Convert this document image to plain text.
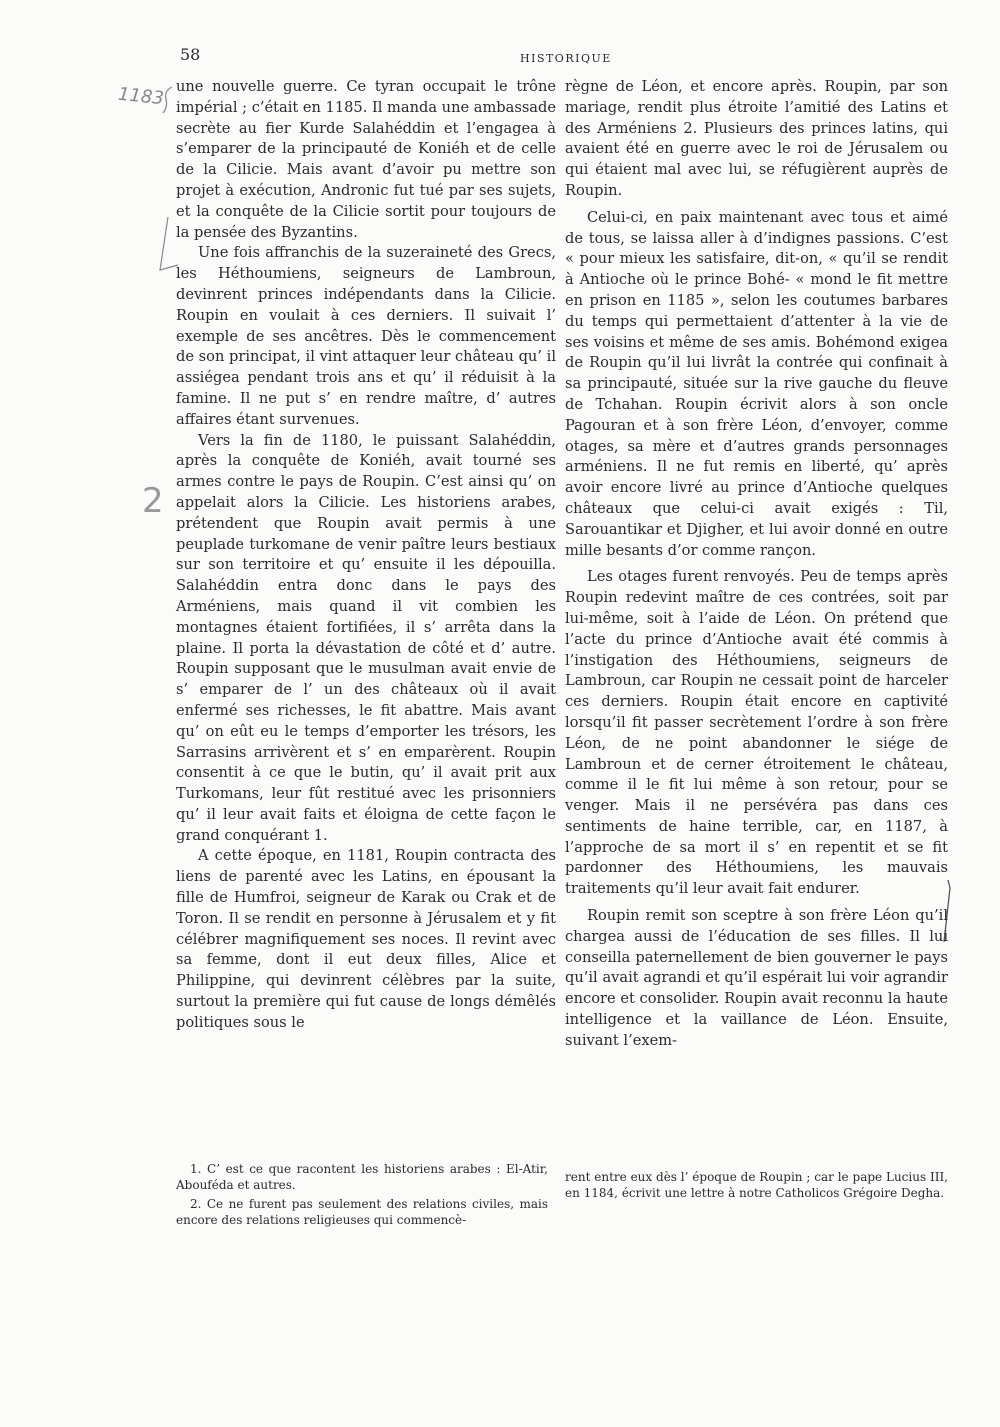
58	HISTORIQUE
1183
2

une nouvelle guerre. Ce tyran occupait le trône impérial ; c’était en 1185. Il manda une ambassade secrète au fier Kurde Salahéddin et l’engagea à s’emparer de la principauté de Koniéh et de celle de la Cilicie. Mais avant d’avoir pu mettre son projet à exécution, Andronic fut tué par ses sujets, et la conquête de la Cilicie sortit pour toujours de la pensée des Byzantins.

Une fois affranchis de la suzeraineté des Grecs, les Héthoumiens, seigneurs de Lambroun, devinrent princes indépendants dans la Cilicie. Roupin en voulait à ces derniers. Il suivait l’ exemple de ses ancêtres. Dès le commencement de son principat, il vint attaquer leur château qu’ il assiégea pendant trois ans et qu’ il réduisit à la famine. Il ne put s’ en rendre maître, d’ autres affaires étant survenues.

Vers la fin de 1180, le puissant Salahéddin, après la conquête de Koniéh, avait tourné ses armes contre le pays de Roupin. C’est ainsi qu’ on appelait alors la Cilicie. Les historiens arabes, prétendent que Roupin avait permis à une peuplade turkomane de venir paître leurs bestiaux sur son territoire et qu’ ensuite il les dépouilla. Salahéddin entra donc dans le pays des Arméniens, mais quand il vit combien les montagnes étaient fortifiées, il s’ arrêta dans la plaine. Il porta la dévastation de côté et d’ autre. Roupin supposant que le musulman avait envie de s’ emparer de l’ un des châteaux où il avait enfermé ses richesses, le fit abattre. Mais avant qu’ on eût eu le temps d’emporter les trésors, les Sarrasins arrivèrent et s’ en emparèrent. Roupin consentit à ce que le butin, qu’ il avait prit aux Turkomans, leur fût restitué avec les prisonniers qu’ il leur avait faits et éloigna de cette façon le grand conquérant 1.

A cette époque, en 1181, Roupin contracta des liens de parenté avec les Latins, en épousant la fille de Humfroi, seigneur de Karak ou Crak et de Toron. Il se rendit en personne à Jérusalem et y fit célébrer magnifiquement ses noces. Il revint avec sa femme, dont il eut deux filles, Alice et Philippine, qui devinrent célèbres par la suite, surtout la première qui fut cause de longs démêlés politiques sous le

règne de Léon, et encore après. Roupin, par son mariage, rendit plus étroite l’amitié des Latins et des Arméniens 2. Plusieurs des princes latins, qui avaient été en guerre avec le roi de Jérusalem ou qui étaient mal avec lui, se réfugièrent auprès de Roupin.

Celui-ci, en paix maintenant avec tous et aimé de tous, se laissa aller à d’indignes passions. C’est « pour mieux les satisfaire, dit-on, « qu’il se rendit à Antioche où le prince Bohé- « mond le fit mettre en prison en 1185 », selon les coutumes barbares du temps qui permettaient d’attenter à la vie de ses voisins et même de ses amis. Bohémond exigea de Roupin qu’il lui livrât la contrée qui confinait à sa principauté, située sur la rive gauche du fleuve de Tchahan. Roupin écrivit alors à son oncle Pagouran et à son frère Léon, d’envoyer, comme otages, sa mère et d’autres grands personnages arméniens. Il ne fut remis en liberté, qu’ après avoir encore livré au prince d’Antioche quelques châteaux que celui-ci avait exigés : Til, Sarouantikar et Djigher, et lui avoir donné en outre mille besants d’or comme rançon.

Les otages furent renvoyés. Peu de temps après Roupin redevint maître de ces contrées, soit par lui-même, soit à l’aide de Léon. On prétend que l’acte du prince d’Antioche avait été commis à l’instigation des Héthoumiens, seigneurs de Lambroun, car Roupin ne cessait point de harceler ces derniers. Roupin était encore en captivité lorsqu’il fit passer secrètement l’ordre à son frère Léon, de ne point abandonner le siége de Lambroun et de cerner étroitement le château, comme il le fit lui même à son retour, pour se venger. Mais il ne persévéra pas dans ces sentiments de haine terrible, car, en 1187, à l’approche de sa mort il s’ en repentit et se fit pardonner des Héthoumiens, les mauvais traitements qu’il leur avait fait endurer.

Roupin remit son sceptre à son frère Léon qu’il chargea aussi de l’éducation de ses filles. Il lui conseilla paternellement de bien gouverner le pays qu’il avait agrandi et qu’il espérait lui voir agrandir encore et consolider. Roupin avait reconnu la haute intelligence et la vaillance de Léon. Ensuite, suivant l’exem-

1. C’ est ce que racontent les historiens arabes : El-Atir, Abouféda et autres.

2. Ce ne furent pas seulement des relations civiles, mais encore des relations religieuses qui commencè-

rent entre eux dès l’ époque de Roupin ; car le pape Lucius III, en 1184, écrivit une lettre à notre Catholicos Grégoire Degha.
